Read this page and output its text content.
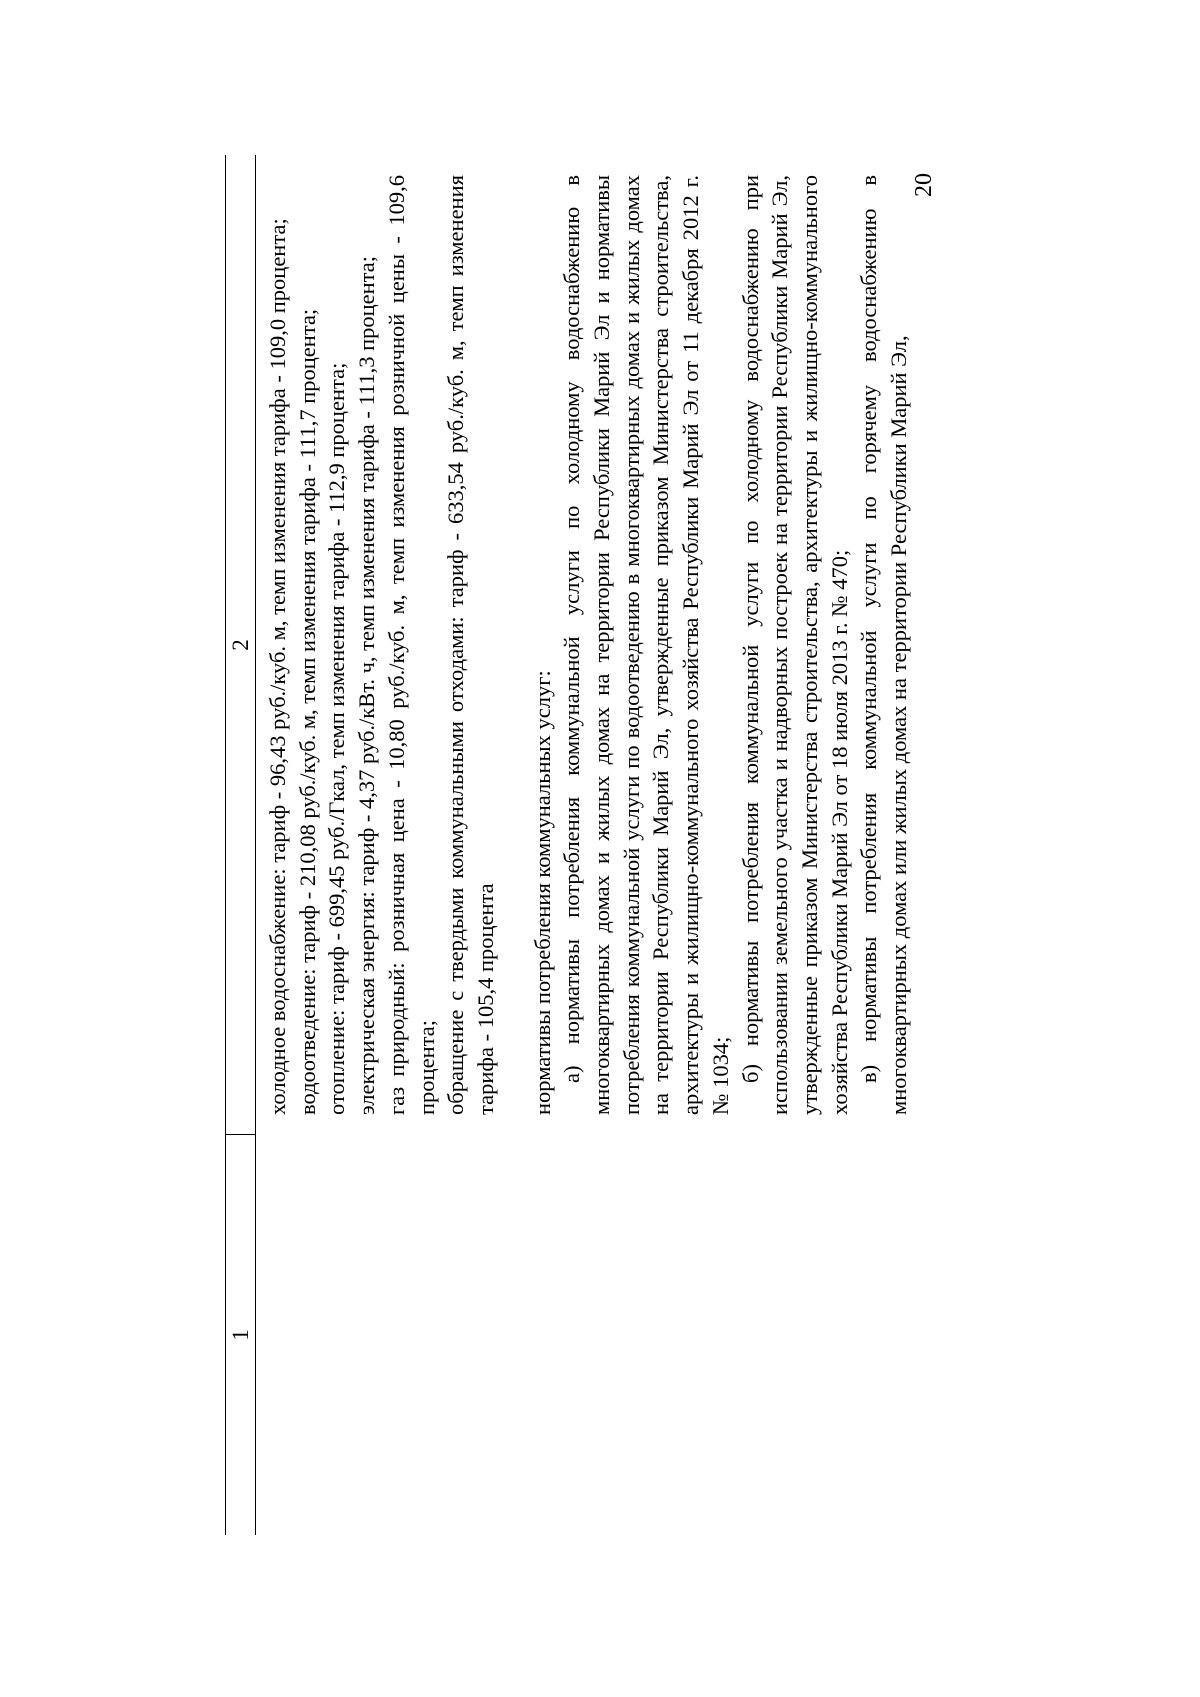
20
1
2 холодное водоснабжение: тариф - 96,43 руб./куб. м, темп изменения тарифа - 109,0 процента; водоотведение: тариф - 210,08 руб./куб. м, темп изменения тарифа - 111,7 процента; отопление: тариф - 699,45 руб./Гкал, темп изменения тарифа - 112,9 процента; электрическая энергия: тариф - 4,37 руб./кВт. ч, темп изменения тарифа - 111,3 процента; газ природный: розничная цена - 10,80 руб./куб. м, темп изменения розничной цены - 109,6 процента; обращение с твердыми коммунальными отходами: тариф - 633,54 руб./куб. м, темп изменения тарифа - 105,4 процента нормативы потребления коммунальных услуг: а) нормативы потребления коммунальной услуги по холодному водоснабжению в многоквартирных домах и жилых домах на территории Республики Марий Эл и нормативы потребления коммунальной услуги по водоотведению в многоквартирных домах и жилых домах на территории Республики Марий Эл, утвержденные приказом Министерства строительства, архитектуры и жилищно-коммунального хозяйства Республики Марий Эл от 11 декабря 2012 г. № 1034; б) нормативы потребления коммунальной услуги по холодному водоснабжению при использовании земельного участка и надворных построек на территории Республики Марий Эл, утвержденные приказом Министерства строительства, архитектуры и жилищно-коммунального хозяйства Республики Марий Эл от 18 июля 2013 г. № 470; в) нормативы потребления коммунальной услуги по горячему водоснабжению в многоквартирных домах или жилых домах на территории Республики Марий Эл,
